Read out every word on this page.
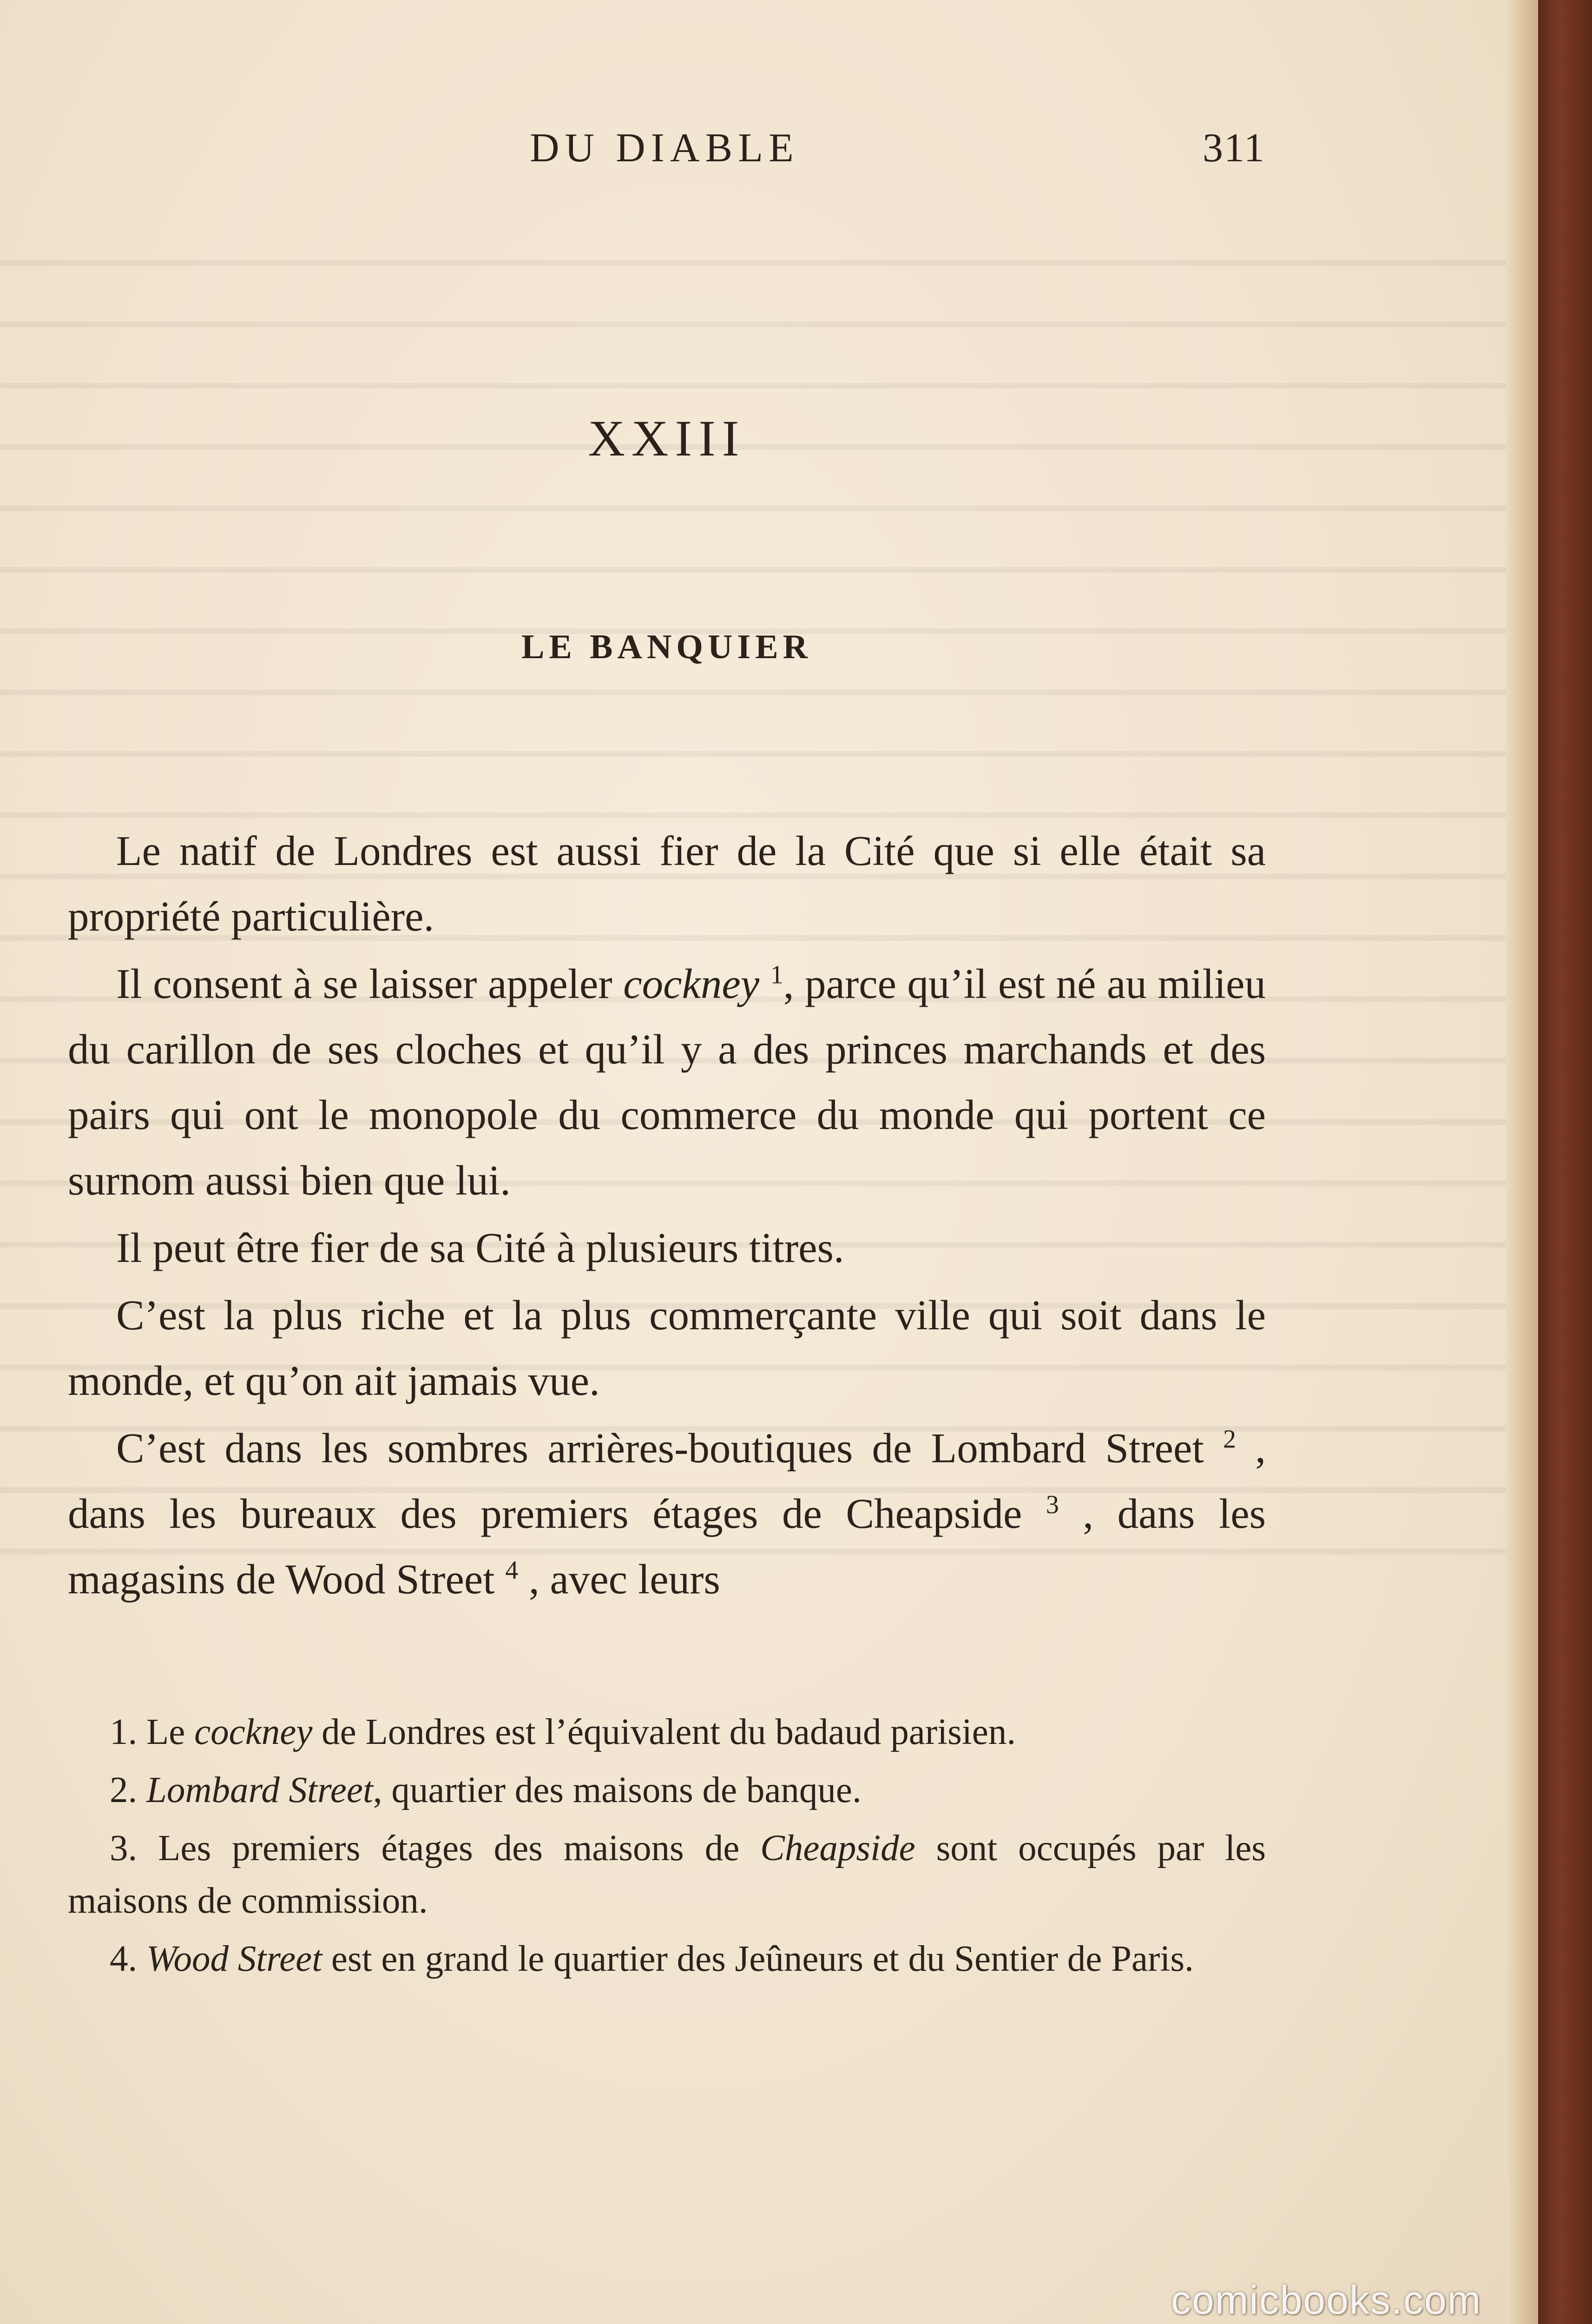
DU DIABLE	311
XXIII
LE BANQUIER

Le natif de Londres est aussi fier de la Cité que si elle était sa propriété particulière.

Il consent à se laisser appeler cockney $^1$, parce qu’il est né au milieu du carillon de ses cloches et qu’il y a des princes marchands et des pairs qui ont le monopole du commerce du monde qui portent ce surnom aussi bien que lui.

Il peut être fier de sa Cité à plusieurs titres.

C’est la plus riche et la plus commerçante ville qui soit dans le monde, et qu’on ait jamais vue.

C’est dans les sombres arrières-boutiques de Lombard Street $^2$ , dans les bureaux des premiers étages de Cheapside $^3$ , dans les magasins de Wood Street $^4$ , avec leurs

1. Le cockney de Londres est l’équivalent du badaud parisien.

2. Lombard Street, quartier des maisons de banque.

3. Les premiers étages des maisons de Cheapside sont occupés par les maisons de commission.

4. Wood Street est en grand le quartier des Jeûneurs et du Sentier de Paris.

comicbooks.com
